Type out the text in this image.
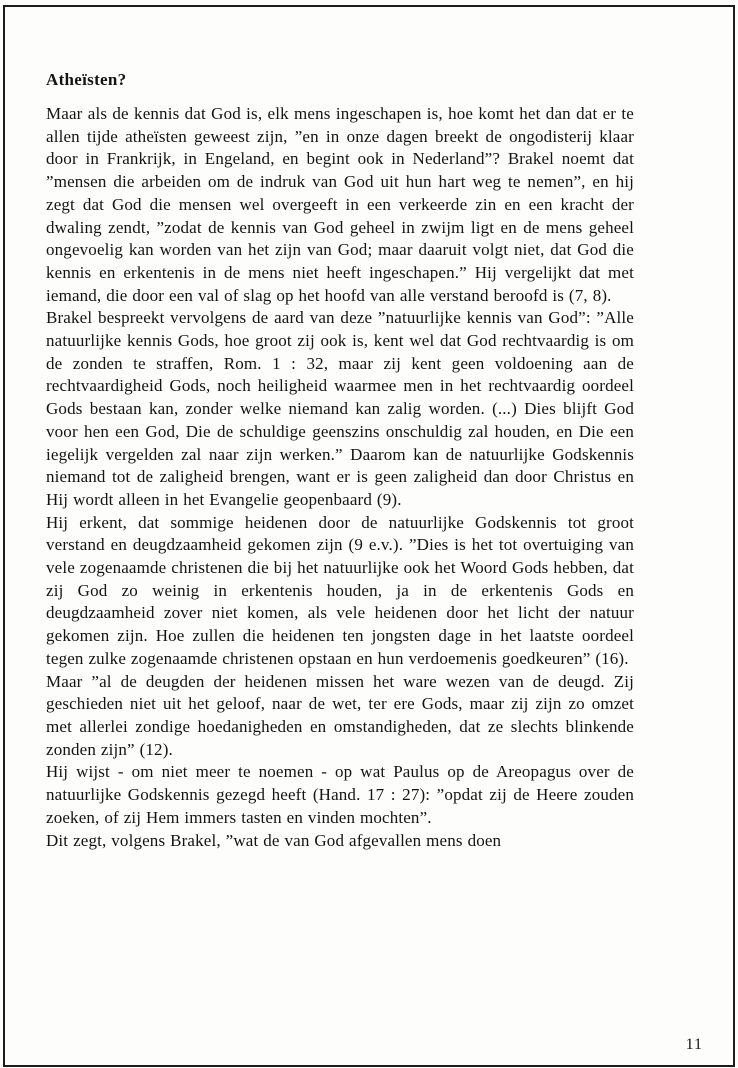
Atheïsten?

Maar als de kennis dat God is, elk mens ingeschapen is, hoe komt het dan dat er te allen tijde atheïsten geweest zijn, ”en in onze dagen breekt de ongodisterij klaar door in Frankrijk, in Engeland, en begint ook in Nederland”? Brakel noemt dat ”mensen die arbeiden om de indruk van God uit hun hart weg te nemen”, en hij zegt dat God die mensen wel overgeeft in een verkeerde zin en een kracht der dwaling zendt, ”zodat de kennis van God geheel in zwijm ligt en de mens geheel ongevoelig kan worden van het zijn van God; maar daaruit volgt niet, dat God die kennis en erkentenis in de mens niet heeft ingeschapen.” Hij vergelijkt dat met iemand, die door een val of slag op het hoofd van alle verstand beroofd is (7, 8).

Brakel bespreekt vervolgens de aard van deze ”natuurlijke kennis van God”: ”Alle natuurlijke kennis Gods, hoe groot zij ook is, kent wel dat God rechtvaardig is om de zonden te straffen, Rom. 1 : 32, maar zij kent geen voldoening aan de rechtvaardigheid Gods, noch heiligheid waarmee men in het rechtvaardig oordeel Gods bestaan kan, zonder welke niemand kan zalig worden. (...) Dies blijft God voor hen een God, Die de schuldige geenszins onschuldig zal houden, en Die een iegelijk vergelden zal naar zijn werken.” Daarom kan de natuurlijke Godskennis niemand tot de zaligheid brengen, want er is geen zaligheid dan door Christus en Hij wordt alleen in het Evangelie geopenbaard (9).

Hij erkent, dat sommige heidenen door de natuurlijke Godskennis tot groot verstand en deugdzaamheid gekomen zijn (9 e.v.). ”Dies is het tot overtuiging van vele zogenaamde christenen die bij het natuurlijke ook het Woord Gods hebben, dat zij God zo weinig in erkentenis houden, ja in de erkentenis Gods en deugdzaamheid zover niet komen, als vele heidenen door het licht der natuur gekomen zijn. Hoe zullen die heidenen ten jongsten dage in het laatste oordeel tegen zulke zogenaamde christenen opstaan en hun verdoemenis goedkeuren” (16).

Maar ”al de deugden der heidenen missen het ware wezen van de deugd. Zij geschieden niet uit het geloof, naar de wet, ter ere Gods, maar zij zijn zo omzet met allerlei zondige hoedanigheden en omstandigheden, dat ze slechts blinkende zonden zijn” (12).

Hij wijst - om niet meer te noemen - op wat Paulus op de Areopagus over de natuurlijke Godskennis gezegd heeft (Hand. 17 : 27): ”opdat zij de Heere zouden zoeken, of zij Hem immers tasten en vinden mochten”.

Dit zegt, volgens Brakel, ”wat de van God afgevallen mens doen

11
